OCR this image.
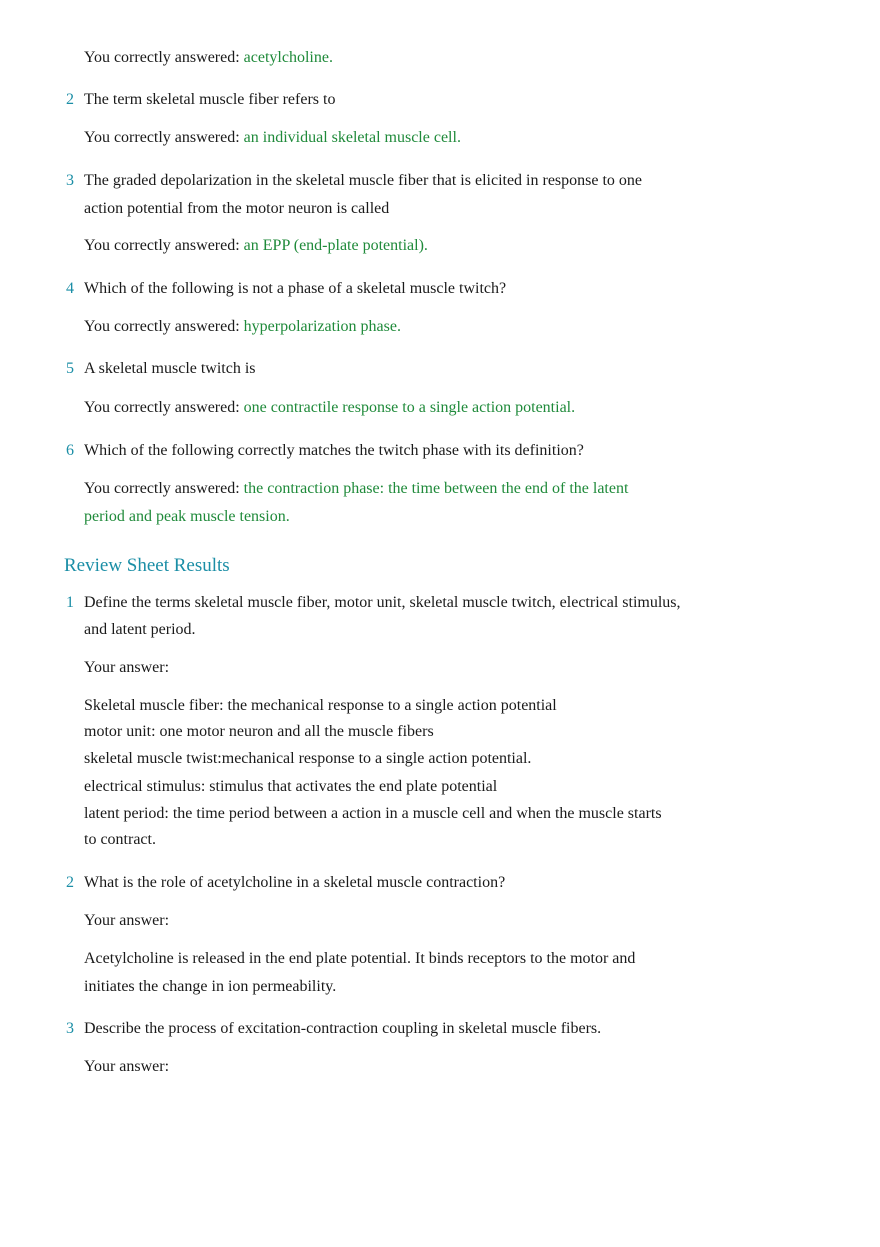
You correctly answered: acetylcholine.
2 The term skeletal muscle fiber refers to
You correctly answered: an individual skeletal muscle cell.
3 The graded depolarization in the skeletal muscle fiber that is elicited in response to one
action potential from the motor neuron is called
You correctly answered: an EPP (end-plate potential).
4 Which of the following is not a phase of a skeletal muscle twitch?
You correctly answered: hyperpolarization phase.
5 A skeletal muscle twitch is
You correctly answered: one contractile response to a single action potential.
6 Which of the following correctly matches the twitch phase with its definition?
You correctly answered: the contraction phase: the time between the end of the latent
period and peak muscle tension.
Review Sheet Results
1 Define the terms skeletal muscle fiber, motor unit, skeletal muscle twitch, electrical stimulus,
and latent period.
Your answer:
Skeletal muscle fiber: the mechanical response to a single action potential
motor unit: one motor neuron and all the muscle fibers
skeletal muscle twist:mechanical response to a single action potential.
electrical stimulus: stimulus that activates the end plate potential
latent period: the time period between a action in a muscle cell and when the muscle starts
to contract.
2 What is the role of acetylcholine in a skeletal muscle contraction?
Your answer:
Acetylcholine is released in the end plate potential. It binds receptors to the motor and
initiates the change in ion permeability.
3 Describe the process of excitation-contraction coupling in skeletal muscle fibers.
Your answer:
